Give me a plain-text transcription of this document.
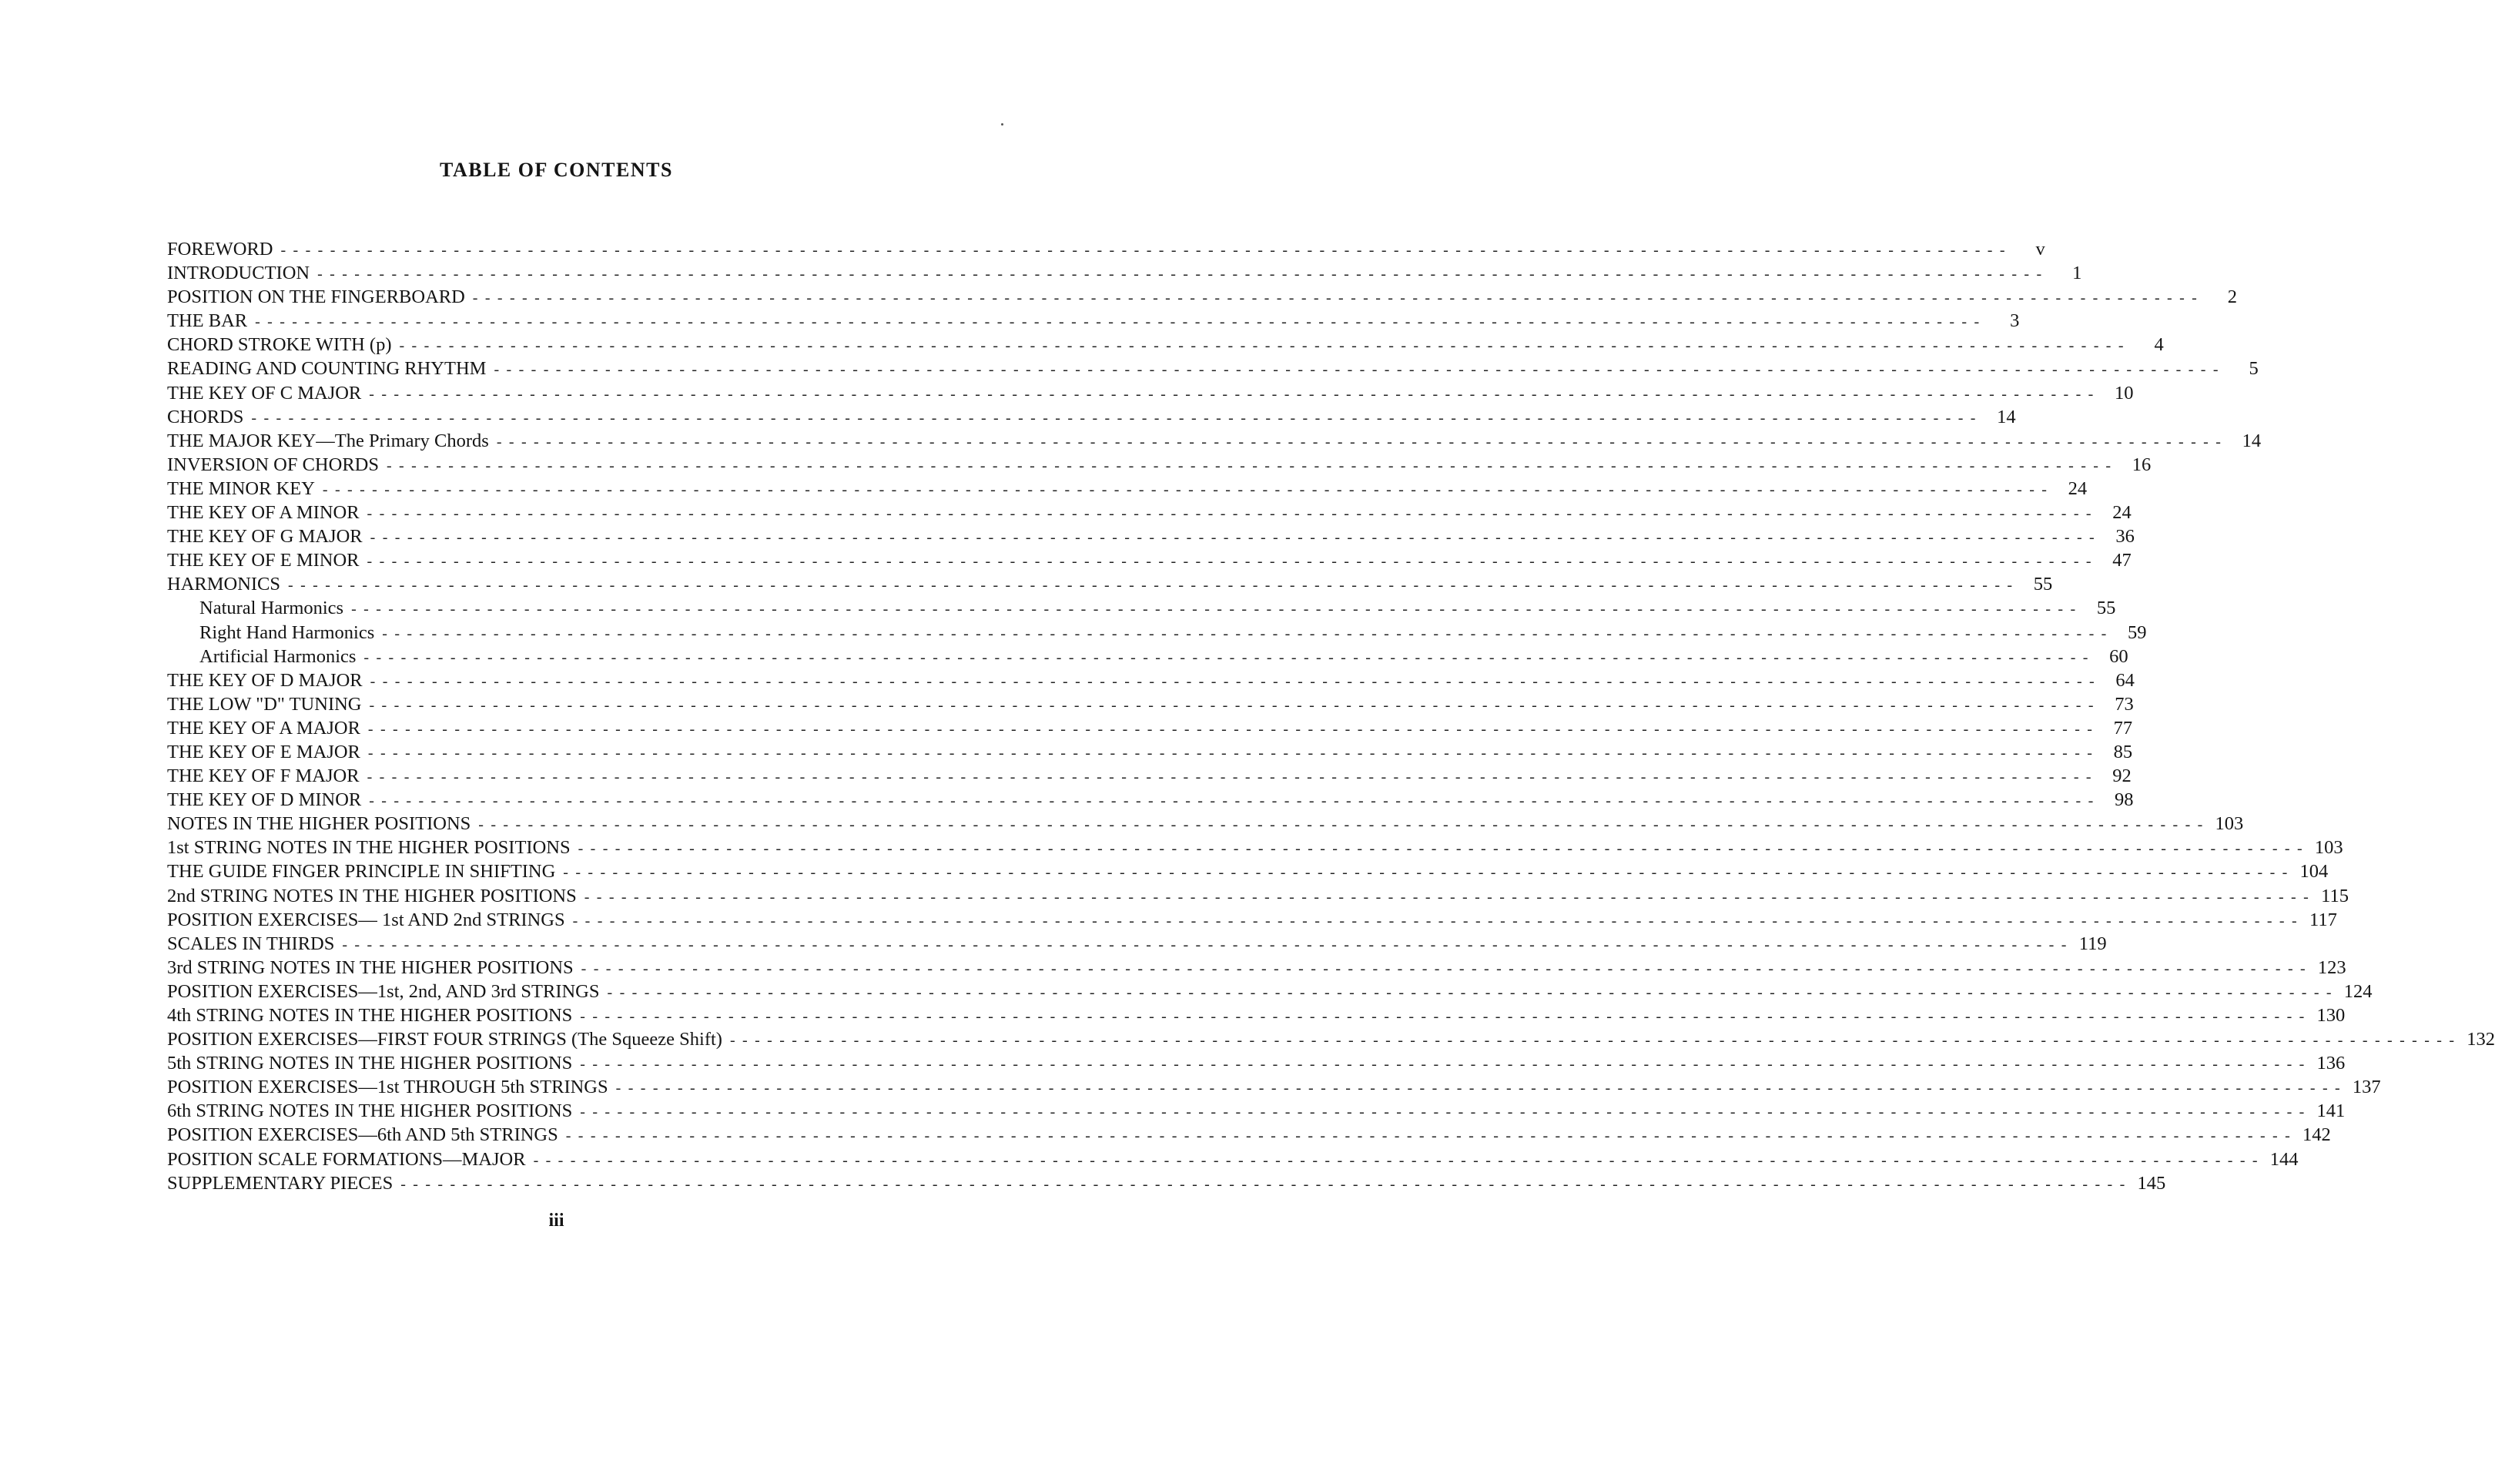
TABLE OF CONTENTS
FOREWORD - - - - - - - - - - - - - - - - - - - - - - - - - - - - - - - - - - - - - - - - - - - - - - - - - - - - - - - - - - - - - - - - - - - - - - - - - - - - - - - - - - - - - - - - - - - - - - - - - - - - - - - - - - - - - - - - - - - - - - - - - - - - - - - - - - - - - - - - - - - -	v
INTRODUCTION - - - - - - - - - - - - - - - - - - - - - - - - - - - - - - - - - - - - - - - - - - - - - - - - - - - - - - - - - - - - - - - - - - - - - - - - - - - - - - - - - - - - - - - - - - - - - - - - - - - - - - - - - - - - - - - - - - - - - - - - - - - - - - - - - - - - - - - - - - - -	1
POSITION ON THE FINGERBOARD - - - - - - - - - - - - - - - - - - - - - - - - - - - - - - - - - - - - - - - - - - - - - - - - - - - - - - - - - - - - - - - - - - - - - - - - - - - - - - - - - - - - - - - - - - - - - - - - - - - - - - - - - - - - - - - - - - - - - - - - - - - - - - - - - - - - - - - - - - - -	2
THE BAR - - - - - - - - - - - - - - - - - - - - - - - - - - - - - - - - - - - - - - - - - - - - - - - - - - - - - - - - - - - - - - - - - - - - - - - - - - - - - - - - - - - - - - - - - - - - - - - - - - - - - - - - - - - - - - - - - - - - - - - - - - - - - - - - - - - - - - - - - - - -	3
CHORD STROKE WITH (p) - - - - - - - - - - - - - - - - - - - - - - - - - - - - - - - - - - - - - - - - - - - - - - - - - - - - - - - - - - - - - - - - - - - - - - - - - - - - - - - - - - - - - - - - - - - - - - - - - - - - - - - - - - - - - - - - - - - - - - - - - - - - - - - - - - - - - - - - - - - -	4
READING AND COUNTING RHYTHM - - - - - - - - - - - - - - - - - - - - - - - - - - - - - - - - - - - - - - - - - - - - - - - - - - - - - - - - - - - - - - - - - - - - - - - - - - - - - - - - - - - - - - - - - - - - - - - - - - - - - - - - - - - - - - - - - - - - - - - - - - - - - - - - - - - - - - - - - - - -	5
THE KEY OF C MAJOR - - - - - - - - - - - - - - - - - - - - - - - - - - - - - - - - - - - - - - - - - - - - - - - - - - - - - - - - - - - - - - - - - - - - - - - - - - - - - - - - - - - - - - - - - - - - - - - - - - - - - - - - - - - - - - - - - - - - - - - - - - - - - - - - - - - - - - - - - - - -	10
CHORDS - - - - - - - - - - - - - - - - - - - - - - - - - - - - - - - - - - - - - - - - - - - - - - - - - - - - - - - - - - - - - - - - - - - - - - - - - - - - - - - - - - - - - - - - - - - - - - - - - - - - - - - - - - - - - - - - - - - - - - - - - - - - - - - - - - - - - - - - - - - -	14
THE MAJOR KEY—The Primary Chords - - - - - - - - - - - - - - - - - - - - - - - - - - - - - - - - - - - - - - - - - - - - - - - - - - - - - - - - - - - - - - - - - - - - - - - - - - - - - - - - - - - - - - - - - - - - - - - - - - - - - - - - - - - - - - - - - - - - - - - - - - - - - - - - - - - - - - - - - - - -	14
INVERSION OF CHORDS - - - - - - - - - - - - - - - - - - - - - - - - - - - - - - - - - - - - - - - - - - - - - - - - - - - - - - - - - - - - - - - - - - - - - - - - - - - - - - - - - - - - - - - - - - - - - - - - - - - - - - - - - - - - - - - - - - - - - - - - - - - - - - - - - - - - - - - - - - - -	16
THE MINOR KEY - - - - - - - - - - - - - - - - - - - - - - - - - - - - - - - - - - - - - - - - - - - - - - - - - - - - - - - - - - - - - - - - - - - - - - - - - - - - - - - - - - - - - - - - - - - - - - - - - - - - - - - - - - - - - - - - - - - - - - - - - - - - - - - - - - - - - - - - - - - -	24
THE KEY OF A MINOR - - - - - - - - - - - - - - - - - - - - - - - - - - - - - - - - - - - - - - - - - - - - - - - - - - - - - - - - - - - - - - - - - - - - - - - - - - - - - - - - - - - - - - - - - - - - - - - - - - - - - - - - - - - - - - - - - - - - - - - - - - - - - - - - - - - - - - - - - - - -	24
THE KEY OF G MAJOR - - - - - - - - - - - - - - - - - - - - - - - - - - - - - - - - - - - - - - - - - - - - - - - - - - - - - - - - - - - - - - - - - - - - - - - - - - - - - - - - - - - - - - - - - - - - - - - - - - - - - - - - - - - - - - - - - - - - - - - - - - - - - - - - - - - - - - - - - - - -	36
THE KEY OF E MINOR - - - - - - - - - - - - - - - - - - - - - - - - - - - - - - - - - - - - - - - - - - - - - - - - - - - - - - - - - - - - - - - - - - - - - - - - - - - - - - - - - - - - - - - - - - - - - - - - - - - - - - - - - - - - - - - - - - - - - - - - - - - - - - - - - - - - - - - - - - - -	47
HARMONICS - - - - - - - - - - - - - - - - - - - - - - - - - - - - - - - - - - - - - - - - - - - - - - - - - - - - - - - - - - - - - - - - - - - - - - - - - - - - - - - - - - - - - - - - - - - - - - - - - - - - - - - - - - - - - - - - - - - - - - - - - - - - - - - - - - - - - - - - - - - -	55
Natural Harmonics - - - - - - - - - - - - - - - - - - - - - - - - - - - - - - - - - - - - - - - - - - - - - - - - - - - - - - - - - - - - - - - - - - - - - - - - - - - - - - - - - - - - - - - - - - - - - - - - - - - - - - - - - - - - - - - - - - - - - - - - - - - - - - - - - - - - - - - - - - - -	55
Right Hand Harmonics - - - - - - - - - - - - - - - - - - - - - - - - - - - - - - - - - - - - - - - - - - - - - - - - - - - - - - - - - - - - - - - - - - - - - - - - - - - - - - - - - - - - - - - - - - - - - - - - - - - - - - - - - - - - - - - - - - - - - - - - - - - - - - - - - - - - - - - - - - - -	59
Artificial Harmonics - - - - - - - - - - - - - - - - - - - - - - - - - - - - - - - - - - - - - - - - - - - - - - - - - - - - - - - - - - - - - - - - - - - - - - - - - - - - - - - - - - - - - - - - - - - - - - - - - - - - - - - - - - - - - - - - - - - - - - - - - - - - - - - - - - - - - - - - - - - -	60
THE KEY OF D MAJOR - - - - - - - - - - - - - - - - - - - - - - - - - - - - - - - - - - - - - - - - - - - - - - - - - - - - - - - - - - - - - - - - - - - - - - - - - - - - - - - - - - - - - - - - - - - - - - - - - - - - - - - - - - - - - - - - - - - - - - - - - - - - - - - - - - - - - - - - - - - -	64
THE LOW "D" TUNING - - - - - - - - - - - - - - - - - - - - - - - - - - - - - - - - - - - - - - - - - - - - - - - - - - - - - - - - - - - - - - - - - - - - - - - - - - - - - - - - - - - - - - - - - - - - - - - - - - - - - - - - - - - - - - - - - - - - - - - - - - - - - - - - - - - - - - - - - - - -	73
THE KEY OF A MAJOR - - - - - - - - - - - - - - - - - - - - - - - - - - - - - - - - - - - - - - - - - - - - - - - - - - - - - - - - - - - - - - - - - - - - - - - - - - - - - - - - - - - - - - - - - - - - - - - - - - - - - - - - - - - - - - - - - - - - - - - - - - - - - - - - - - - - - - - - - - - -	77
THE KEY OF E MAJOR - - - - - - - - - - - - - - - - - - - - - - - - - - - - - - - - - - - - - - - - - - - - - - - - - - - - - - - - - - - - - - - - - - - - - - - - - - - - - - - - - - - - - - - - - - - - - - - - - - - - - - - - - - - - - - - - - - - - - - - - - - - - - - - - - - - - - - - - - - - -	85
THE KEY OF F MAJOR - - - - - - - - - - - - - - - - - - - - - - - - - - - - - - - - - - - - - - - - - - - - - - - - - - - - - - - - - - - - - - - - - - - - - - - - - - - - - - - - - - - - - - - - - - - - - - - - - - - - - - - - - - - - - - - - - - - - - - - - - - - - - - - - - - - - - - - - - - - -	92
THE KEY OF D MINOR - - - - - - - - - - - - - - - - - - - - - - - - - - - - - - - - - - - - - - - - - - - - - - - - - - - - - - - - - - - - - - - - - - - - - - - - - - - - - - - - - - - - - - - - - - - - - - - - - - - - - - - - - - - - - - - - - - - - - - - - - - - - - - - - - - - - - - - - - - - -	98
NOTES IN THE HIGHER POSITIONS - - - - - - - - - - - - - - - - - - - - - - - - - - - - - - - - - - - - - - - - - - - - - - - - - - - - - - - - - - - - - - - - - - - - - - - - - - - - - - - - - - - - - - - - - - - - - - - - - - - - - - - - - - - - - - - - - - - - - - - - - - - - - - - - - - - - - - - - - - - - 103
1st STRING NOTES IN THE HIGHER POSITIONS - - - - - - - - - - - - - - - - - - - - - - - - - - - - - - - - - - - - - - - - - - - - - - - - - - - - - - - - - - - - - - - - - - - - - - - - - - - - - - - - - - - - - - - - - - - - - - - - - - - - - - - - - - - - - - - - - - - - - - - - - - - - - - - - - - - - - - - - - - - - 103
THE GUIDE FINGER PRINCIPLE IN SHIFTING - - - - - - - - - - - - - - - - - - - - - - - - - - - - - - - - - - - - - - - - - - - - - - - - - - - - - - - - - - - - - - - - - - - - - - - - - - - - - - - - - - - - - - - - - - - - - - - - - - - - - - - - - - - - - - - - - - - - - - - - - - - - - - - - - - - - - - - - - - - - 104
2nd STRING NOTES IN THE HIGHER POSITIONS - - - - - - - - - - - - - - - - - - - - - - - - - - - - - - - - - - - - - - - - - - - - - - - - - - - - - - - - - - - - - - - - - - - - - - - - - - - - - - - - - - - - - - - - - - - - - - - - - - - - - - - - - - - - - - - - - - - - - - - - - - - - - - - - - - - - - - - - - - - - 115
POSITION EXERCISES— 1st AND 2nd STRINGS - - - - - - - - - - - - - - - - - - - - - - - - - - - - - - - - - - - - - - - - - - - - - - - - - - - - - - - - - - - - - - - - - - - - - - - - - - - - - - - - - - - - - - - - - - - - - - - - - - - - - - - - - - - - - - - - - - - - - - - - - - - - - - - - - - - - - - - - - - - - 117
SCALES IN THIRDS - - - - - - - - - - - - - - - - - - - - - - - - - - - - - - - - - - - - - - - - - - - - - - - - - - - - - - - - - - - - - - - - - - - - - - - - - - - - - - - - - - - - - - - - - - - - - - - - - - - - - - - - - - - - - - - - - - - - - - - - - - - - - - - - - - - - - - - - - - - - 119
3rd STRING NOTES IN THE HIGHER POSITIONS - - - - - - - - - - - - - - - - - - - - - - - - - - - - - - - - - - - - - - - - - - - - - - - - - - - - - - - - - - - - - - - - - - - - - - - - - - - - - - - - - - - - - - - - - - - - - - - - - - - - - - - - - - - - - - - - - - - - - - - - - - - - - - - - - - - - - - - - - - - - 123
POSITION EXERCISES—1st, 2nd, AND 3rd STRINGS - - - - - - - - - - - - - - - - - - - - - - - - - - - - - - - - - - - - - - - - - - - - - - - - - - - - - - - - - - - - - - - - - - - - - - - - - - - - - - - - - - - - - - - - - - - - - - - - - - - - - - - - - - - - - - - - - - - - - - - - - - - - - - - - - - - - - - - - - - - - 124
4th STRING NOTES IN THE HIGHER POSITIONS - - - - - - - - - - - - - - - - - - - - - - - - - - - - - - - - - - - - - - - - - - - - - - - - - - - - - - - - - - - - - - - - - - - - - - - - - - - - - - - - - - - - - - - - - - - - - - - - - - - - - - - - - - - - - - - - - - - - - - - - - - - - - - - - - - - - - - - - - - - - 130
POSITION EXERCISES—FIRST FOUR STRINGS (The Squeeze Shift) - - - - - - - - - - - - - - - - - - - - - - - - - - - - - - - - - - - - - - - - - - - - - - - - - - - - - - - - - - - - - - - - - - - - - - - - - - - - - - - - - - - - - - - - - - - - - - - - - - - - - - - - - - - - - - - - - - - - - - - - - - - - - - - - - - - - - - - - - - - - 132
5th STRING NOTES IN THE HIGHER POSITIONS - - - - - - - - - - - - - - - - - - - - - - - - - - - - - - - - - - - - - - - - - - - - - - - - - - - - - - - - - - - - - - - - - - - - - - - - - - - - - - - - - - - - - - - - - - - - - - - - - - - - - - - - - - - - - - - - - - - - - - - - - - - - - - - - - - - - - - - - - - - - 136
POSITION EXERCISES—1st THROUGH 5th STRINGS - - - - - - - - - - - - - - - - - - - - - - - - - - - - - - - - - - - - - - - - - - - - - - - - - - - - - - - - - - - - - - - - - - - - - - - - - - - - - - - - - - - - - - - - - - - - - - - - - - - - - - - - - - - - - - - - - - - - - - - - - - - - - - - - - - - - - - - - - - - - 137
6th STRING NOTES IN THE HIGHER POSITIONS - - - - - - - - - - - - - - - - - - - - - - - - - - - - - - - - - - - - - - - - - - - - - - - - - - - - - - - - - - - - - - - - - - - - - - - - - - - - - - - - - - - - - - - - - - - - - - - - - - - - - - - - - - - - - - - - - - - - - - - - - - - - - - - - - - - - - - - - - - - - 141
POSITION EXERCISES—6th AND 5th STRINGS - - - - - - - - - - - - - - - - - - - - - - - - - - - - - - - - - - - - - - - - - - - - - - - - - - - - - - - - - - - - - - - - - - - - - - - - - - - - - - - - - - - - - - - - - - - - - - - - - - - - - - - - - - - - - - - - - - - - - - - - - - - - - - - - - - - - - - - - - - - - 142
POSITION SCALE FORMATIONS—MAJOR - - - - - - - - - - - - - - - - - - - - - - - - - - - - - - - - - - - - - - - - - - - - - - - - - - - - - - - - - - - - - - - - - - - - - - - - - - - - - - - - - - - - - - - - - - - - - - - - - - - - - - - - - - - - - - - - - - - - - - - - - - - - - - - - - - - - - - - - - - - - 144
SUPPLEMENTARY PIECES - - - - - - - - - - - - - - - - - - - - - - - - - - - - - - - - - - - - - - - - - - - - - - - - - - - - - - - - - - - - - - - - - - - - - - - - - - - - - - - - - - - - - - - - - - - - - - - - - - - - - - - - - - - - - - - - - - - - - - - - - - - - - - - - - - - - - - - - - - - - 145
iii
